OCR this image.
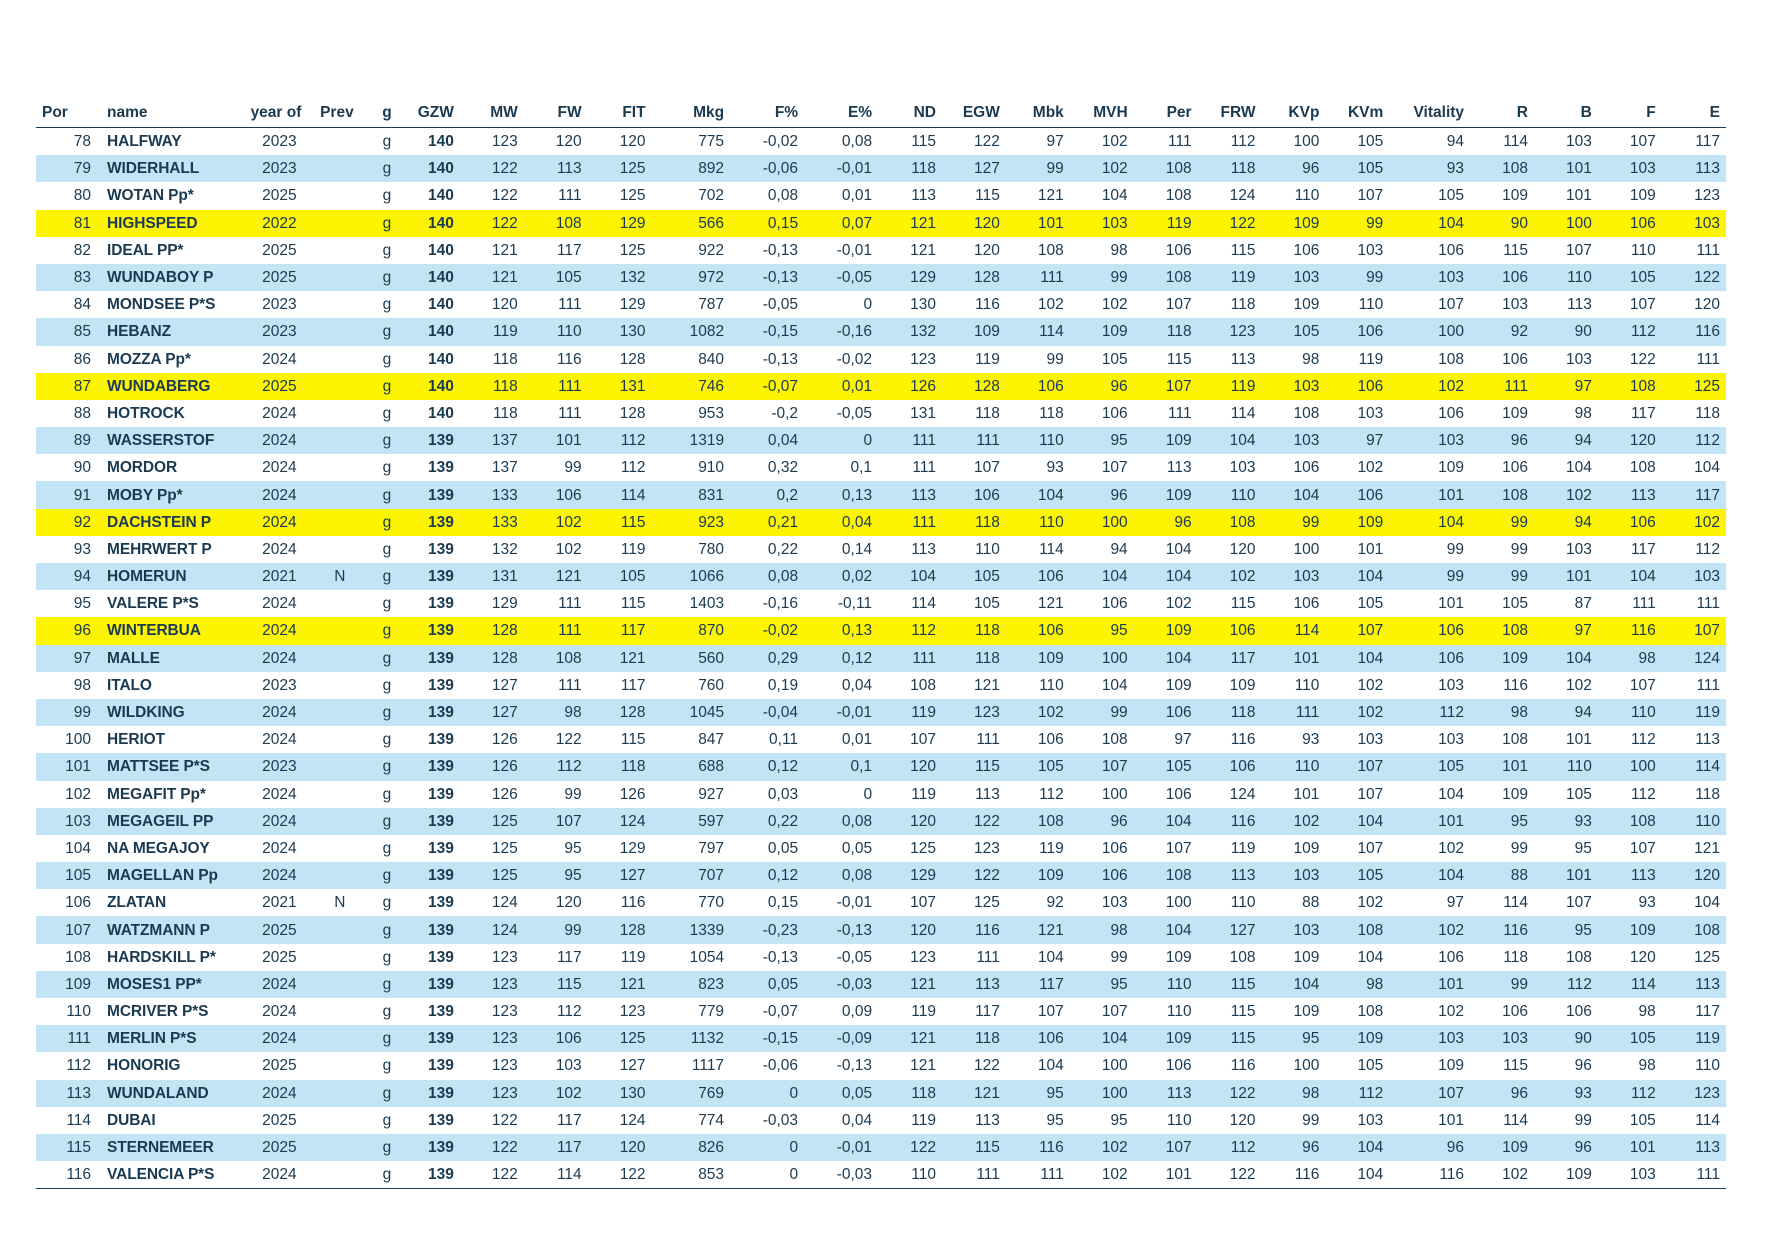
Por	name	year of	Prev	g	GZW	MW	FW	FIT	Mkg	F%	E%	ND	EGW	Mbk	MVH	Per	FRW	KVp	KVm	Vitality	R	B	F	E
78	HALFWAY	2023		g	140	123	120	120	775	-0,02	0,08	115	122	97	102	111	112	100	105	94	114	103	107	117
79	WIDERHALL	2023		g	140	122	113	125	892	-0,06	-0,01	118	127	99	102	108	118	96	105	93	108	101	103	113
80	WOTAN Pp*	2025		g	140	122	111	125	702	0,08	0,01	113	115	121	104	108	124	110	107	105	109	101	109	123
81	HIGHSPEED	2022		g	140	122	108	129	566	0,15	0,07	121	120	101	103	119	122	109	99	104	90	100	106	103
82	IDEAL PP*	2025		g	140	121	117	125	922	-0,13	-0,01	121	120	108	98	106	115	106	103	106	115	107	110	111
83	WUNDABOY P	2025		g	140	121	105	132	972	-0,13	-0,05	129	128	111	99	108	119	103	99	103	106	110	105	122
84	MONDSEE P*S	2023		g	140	120	111	129	787	-0,05	0	130	116	102	102	107	118	109	110	107	103	113	107	120
85	HEBANZ	2023		g	140	119	110	130	1082	-0,15	-0,16	132	109	114	109	118	123	105	106	100	92	90	112	116
86	MOZZA Pp*	2024		g	140	118	116	128	840	-0,13	-0,02	123	119	99	105	115	113	98	119	108	106	103	122	111
87	WUNDABERG	2025		g	140	118	111	131	746	-0,07	0,01	126	128	106	96	107	119	103	106	102	111	97	108	125
88	HOTROCK	2024		g	140	118	111	128	953	-0,2	-0,05	131	118	118	106	111	114	108	103	106	109	98	117	118
89	WASSERSTOF	2024		g	139	137	101	112	1319	0,04	0	111	111	110	95	109	104	103	97	103	96	94	120	112
90	MORDOR	2024		g	139	137	99	112	910	0,32	0,1	111	107	93	107	113	103	106	102	109	106	104	108	104
91	MOBY Pp*	2024		g	139	133	106	114	831	0,2	0,13	113	106	104	96	109	110	104	106	101	108	102	113	117
92	DACHSTEIN P	2024		g	139	133	102	115	923	0,21	0,04	111	118	110	100	96	108	99	109	104	99	94	106	102
93	MEHRWERT P	2024		g	139	132	102	119	780	0,22	0,14	113	110	114	94	104	120	100	101	99	99	103	117	112
94	HOMERUN	2021	N	g	139	131	121	105	1066	0,08	0,02	104	105	106	104	104	102	103	104	99	99	101	104	103
95	VALERE P*S	2024		g	139	129	111	115	1403	-0,16	-0,11	114	105	121	106	102	115	106	105	101	105	87	111	111
96	WINTERBUA	2024		g	139	128	111	117	870	-0,02	0,13	112	118	106	95	109	106	114	107	106	108	97	116	107
97	MALLE	2024		g	139	128	108	121	560	0,29	0,12	111	118	109	100	104	117	101	104	106	109	104	98	124
98	ITALO	2023		g	139	127	111	117	760	0,19	0,04	108	121	110	104	109	109	110	102	103	116	102	107	111
99	WILDKING	2024		g	139	127	98	128	1045	-0,04	-0,01	119	123	102	99	106	118	111	102	112	98	94	110	119
100	HERIOT	2024		g	139	126	122	115	847	0,11	0,01	107	111	106	108	97	116	93	103	103	108	101	112	113
101	MATTSEE P*S	2023		g	139	126	112	118	688	0,12	0,1	120	115	105	107	105	106	110	107	105	101	110	100	114
102	MEGAFIT Pp*	2024		g	139	126	99	126	927	0,03	0	119	113	112	100	106	124	101	107	104	109	105	112	118
103	MEGAGEIL PP	2024		g	139	125	107	124	597	0,22	0,08	120	122	108	96	104	116	102	104	101	95	93	108	110
104	NA MEGAJOY	2024		g	139	125	95	129	797	0,05	0,05	125	123	119	106	107	119	109	107	102	99	95	107	121
105	MAGELLAN Pp	2024		g	139	125	95	127	707	0,12	0,08	129	122	109	106	108	113	103	105	104	88	101	113	120
106	ZLATAN	2021	N	g	139	124	120	116	770	0,15	-0,01	107	125	92	103	100	110	88	102	97	114	107	93	104
107	WATZMANN P	2025		g	139	124	99	128	1339	-0,23	-0,13	120	116	121	98	104	127	103	108	102	116	95	109	108
108	HARDSKILL P*	2025		g	139	123	117	119	1054	-0,13	-0,05	123	111	104	99	109	108	109	104	106	118	108	120	125
109	MOSES1 PP*	2024		g	139	123	115	121	823	0,05	-0,03	121	113	117	95	110	115	104	98	101	99	112	114	113
110	MCRIVER P*S	2024		g	139	123	112	123	779	-0,07	0,09	119	117	107	107	110	115	109	108	102	106	106	98	117
111	MERLIN P*S	2024		g	139	123	106	125	1132	-0,15	-0,09	121	118	106	104	109	115	95	109	103	103	90	105	119
112	HONORIG	2025		g	139	123	103	127	1117	-0,06	-0,13	121	122	104	100	106	116	100	105	109	115	96	98	110
113	WUNDALAND	2024		g	139	123	102	130	769	0	0,05	118	121	95	100	113	122	98	112	107	96	93	112	123
114	DUBAI	2025		g	139	122	117	124	774	-0,03	0,04	119	113	95	95	110	120	99	103	101	114	99	105	114
115	STERNEMEER	2025		g	139	122	117	120	826	0	-0,01	122	115	116	102	107	112	96	104	96	109	96	101	113
116	VALENCIA P*S	2024		g	139	122	114	122	853	0	-0,03	110	111	111	102	101	122	116	104	116	102	109	103	111
